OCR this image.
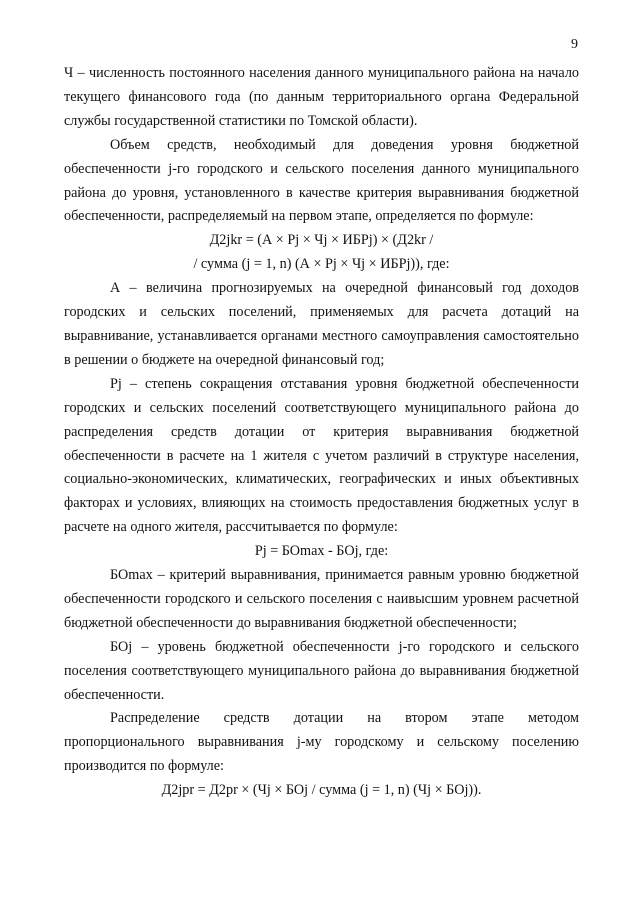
9

Ч – численность постоянного населения данного муниципального района на начало текущего финансового года (по данным территориального органа Федеральной службы государственной статистики по Томской области).

Объем средств, необходимый для доведения уровня бюджетной обеспеченности j-го городского и сельского поселения данного муниципального района до уровня, установленного в качестве критерия выравнивания бюджетной обеспеченности, распределяемый на первом этапе, определяется по формуле:

Д2jkr = (А × Рj × Чj × ИБРj) × (Д2kr /

/ сумма (j = 1, n) (А × Рj × Чj × ИБРj)), где:

А – величина прогнозируемых на очередной финансовый год доходов городских и сельских поселений, применяемых для расчета дотаций на выравнивание, устанавливается органами местного самоуправления самостоятельно в решении о бюджете на очередной финансовый год;

Рj – степень сокращения отставания уровня бюджетной обеспеченности городских и сельских поселений соответствующего муниципального района до распределения средств дотации от критерия выравнивания бюджетной обеспеченности в расчете на 1 жителя с учетом различий в структуре населения, социально-экономических, климатических, географических и иных объективных факторах и условиях, влияющих на стоимость предоставления бюджетных услуг в расчете на одного жителя, рассчитывается по формуле:

Рj = БОmax - БОj, где:

БОmax – критерий выравнивания, принимается равным уровню бюджетной обеспеченности городского и сельского поселения с наивысшим уровнем расчетной бюджетной обеспеченности до выравнивания бюджетной обеспеченности;

БОj – уровень бюджетной обеспеченности j-го городского и сельского поселения соответствующего муниципального района до выравнивания бюджетной обеспеченности.

Распределение средств дотации на втором этапе методом пропорционального выравнивания j-му городскому и сельскому поселению производится по формуле:

Д2jpr = Д2pr × (Чj × БОj / сумма (j = 1, n) (Чj × БОj)).
